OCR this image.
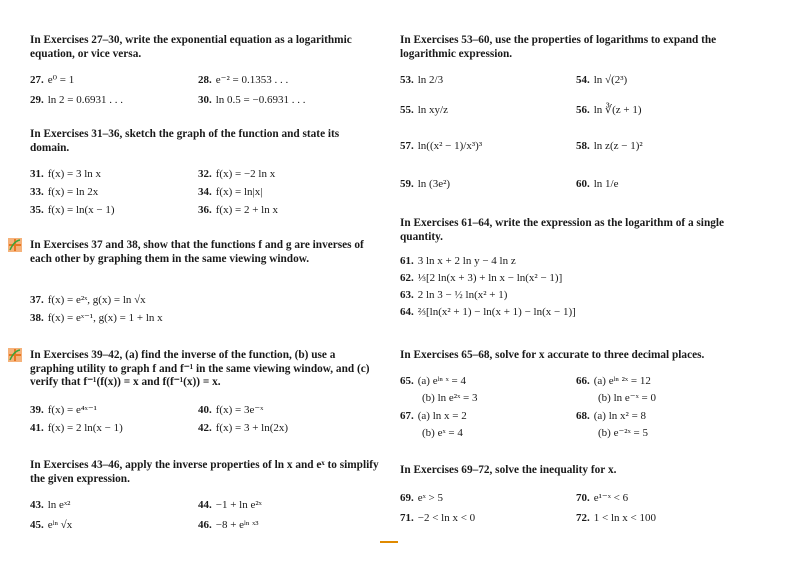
In Exercises 27–30, write the exponential equation as a logarithmic equation, or vice versa.

27. e⁰ = 1	28. e⁻² = 0.1353 . . .
29. ln 2 = 0.6931 . . .	30. ln 0.5 = −0.6931 . . .

In Exercises 31–36, sketch the graph of the function and state its domain.

31. f(x) = 3 ln x	32. f(x) = −2 ln x
33. f(x) = ln 2x	34. f(x) = ln|x|
35. f(x) = ln(x − 1)	36. f(x) = 2 + ln x

In Exercises 37 and 38, show that the functions f and g are inverses of each other by graphing them in the same viewing window.

37. f(x) = e²ˣ, g(x) = ln √x
38. f(x) = eˣ⁻¹, g(x) = 1 + ln x

In Exercises 39–42, (a) find the inverse of the function, (b) use a graphing utility to graph f and f⁻¹ in the same viewing window, and (c) verify that f⁻¹(f(x)) = x and f(f⁻¹(x)) = x.

39. f(x) = e⁴ˣ⁻¹	40. f(x) = 3e⁻ˣ
41. f(x) = 2 ln(x − 1)	42. f(x) = 3 + ln(2x)

In Exercises 43–46, apply the inverse properties of ln x and eˣ to simplify the given expression.

43. ln eˣ²	44. −1 + ln e²ˣ
45. eˡⁿ √x	46. −8 + eˡⁿ ˣ³

In Exercises 53–60, use the properties of logarithms to expand the logarithmic expression.

53. ln 2/3	54. ln √(2³)
55. ln xy/z	56. ln ∛(z + 1)
57. ln((x² − 1)/x³)³	58. ln z(z − 1)²
59. ln (3e²)	60. ln 1/e

In Exercises 61–64, write the expression as the logarithm of a single quantity.

61. 3 ln x + 2 ln y − 4 ln z
62. ⅓[2 ln(x + 3) + ln x − ln(x² − 1)]
63. 2 ln 3 − ½ ln(x² + 1)
64. ⅔[ln(x² + 1) − ln(x + 1) − ln(x − 1)]

In Exercises 65–68, solve for x accurate to three decimal places.

65. (a) eˡⁿ ˣ = 4	66. (a) eˡⁿ ²ˣ = 12
(b) ln e²ˣ = 3	(b) ln e⁻ˣ = 0
67. (a) ln x = 2	68. (a) ln x² = 8
(b) eˣ = 4	(b) e⁻²ˣ = 5

In Exercises 69–72, solve the inequality for x.

69. eˣ > 5	70. e¹⁻ˣ < 6
71. −2 < ln x < 0	72. 1 < ln x < 100
